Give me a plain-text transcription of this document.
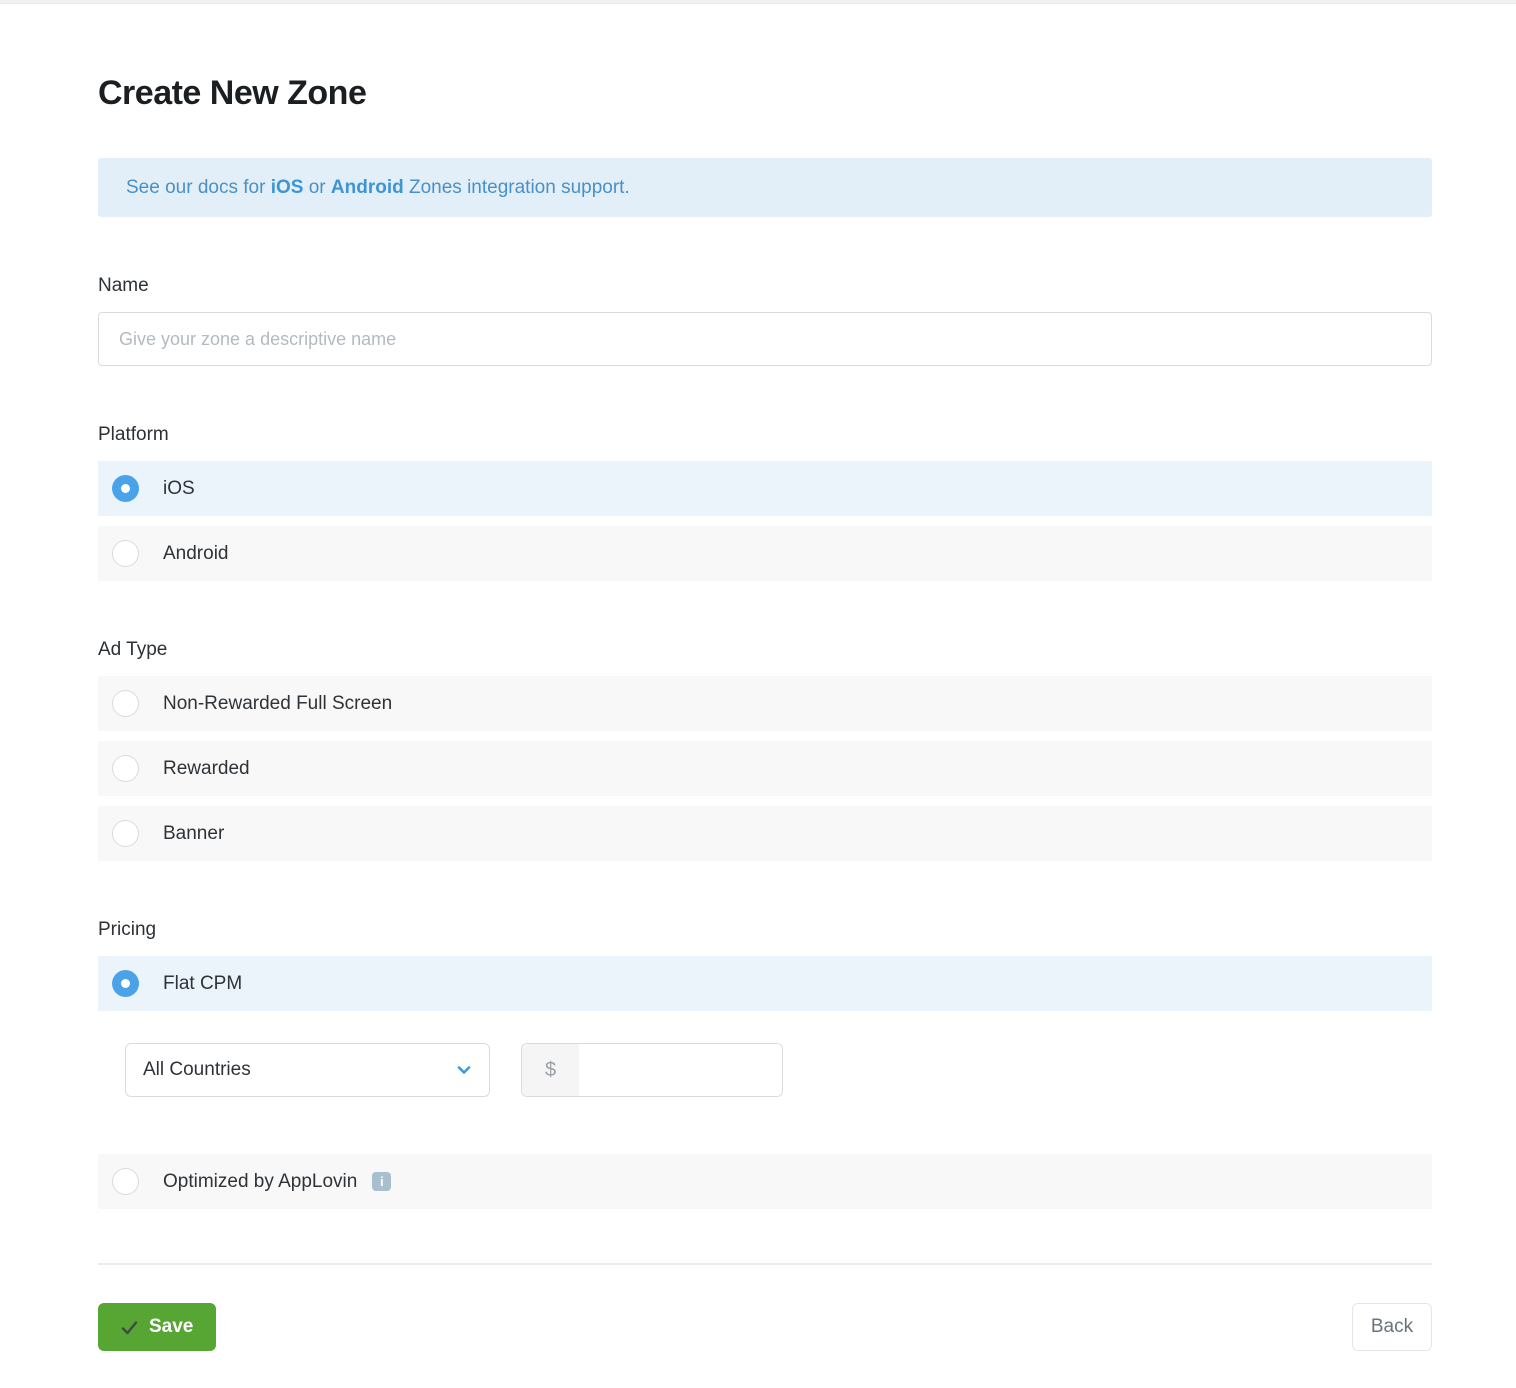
Create New Zone
See our docs for iOS or Android Zones integration support.
Name
Give your zone a descriptive name
Platform
iOS
Android
Ad Type
Non-Rewarded Full Screen
Rewarded
Banner
Pricing
Flat CPM
All Countries	$
Optimized by AppLovin	i
Save	Back
